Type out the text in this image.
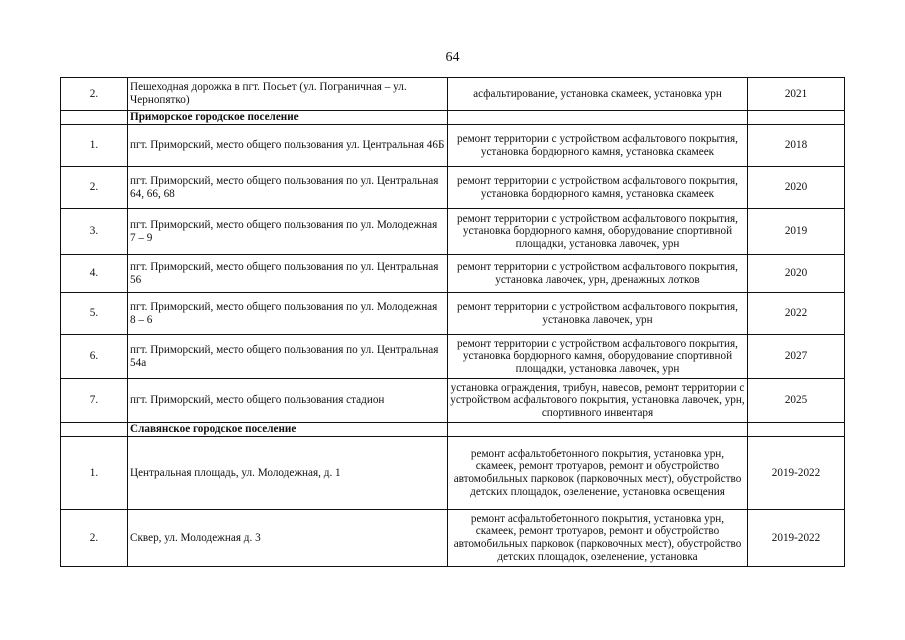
64
2.	Пешеходная дорожка в пгт. Посьет (ул. Пограничная – ул. Чернопятко)	асфальтирование, установка скамеек, установка урн	2021
	Приморское городское поселение		
1.	пгт. Приморский, место общего пользования ул. Центральная 46Б	ремонт территории с устройством асфальтового покрытия, установка бордюрного камня, установка скамеек	2018
2.	пгт. Приморский, место общего пользования по ул. Центральная 64, 66, 68	ремонт территории с устройством асфальтового покрытия, установка бордюрного камня, установка скамеек	2020
3.	пгт. Приморский, место общего пользования по ул. Молодежная 7 – 9	ремонт территории с устройством асфальтового покрытия, установка бордюрного камня, оборудование спортивной площадки, установка лавочек, урн	2019
4.	пгт. Приморский, место общего пользования по ул. Центральная 56	ремонт территории с устройством асфальтового покрытия, установка лавочек, урн, дренажных лотков	2020
5.	пгт. Приморский, место общего пользования по ул. Молодежная 8 – 6	ремонт территории с устройством асфальтового покрытия, установка лавочек, урн	2022
6.	пгт. Приморский, место общего пользования по ул. Центральная 54а	ремонт территории с устройством асфальтового покрытия, установка бордюрного камня, оборудование спортивной площадки, установка лавочек, урн	2027
7.	пгт. Приморский, место общего пользования стадион	установка ограждения, трибун, навесов, ремонт территории с устройством асфальтового покрытия, установка лавочек, урн, спортивного инвентаря	2025
	Славянское городское поселение		
1.	Центральная площадь, ул. Молодежная, д. 1	ремонт асфальтобетонного покрытия, установка урн, скамеек, ремонт тротуаров, ремонт и обустройство автомобильных парковок (парковочных мест), обустройство детских площадок, озеленение, установка освещения	2019-2022
2.	Сквер, ул. Молодежная д. 3	ремонт асфальтобетонного покрытия, установка урн, скамеек, ремонт тротуаров, ремонт и обустройство автомобильных парковок (парковочных мест), обустройство детских площадок, озеленение, установка	2019-2022
